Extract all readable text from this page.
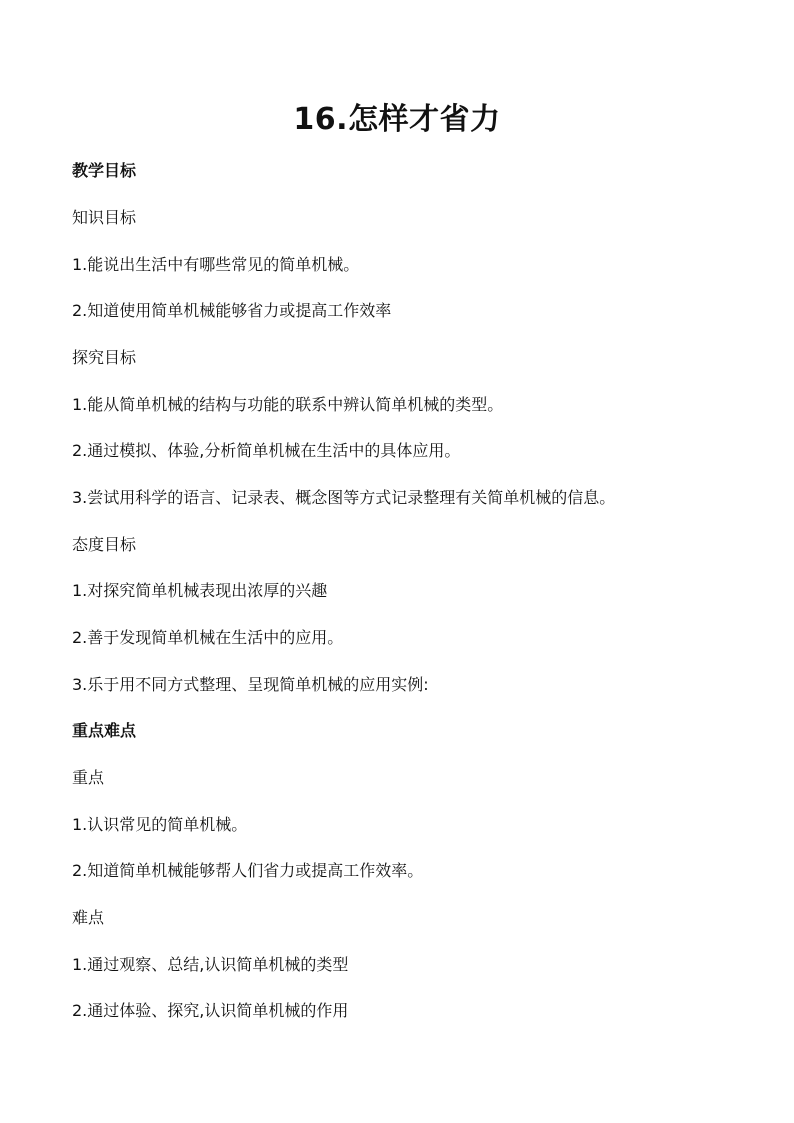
16.怎样才省力
教学目标
知识目标
1.能说出生活中有哪些常见的简单机械。
2.知道使用简单机械能够省力或提高工作效率
探究目标
1.能从简单机械的结构与功能的联系中辨认简单机械的类型。
2.通过模拟、体验,分析简单机械在生活中的具体应用。
3.尝试用科学的语言、记录表、概念图等方式记录整理有关简单机械的信息。
态度目标
1.对探究简单机械表现出浓厚的兴趣
2.善于发现简单机械在生活中的应用。
3.乐于用不同方式整理、呈现简单机械的应用实例:
重点难点
重点
1.认识常见的简单机械。
2.知道简单机械能够帮人们省力或提高工作效率。
难点
1.通过观察、总结,认识简单机械的类型
2.通过体验、探究,认识简单机械的作用
